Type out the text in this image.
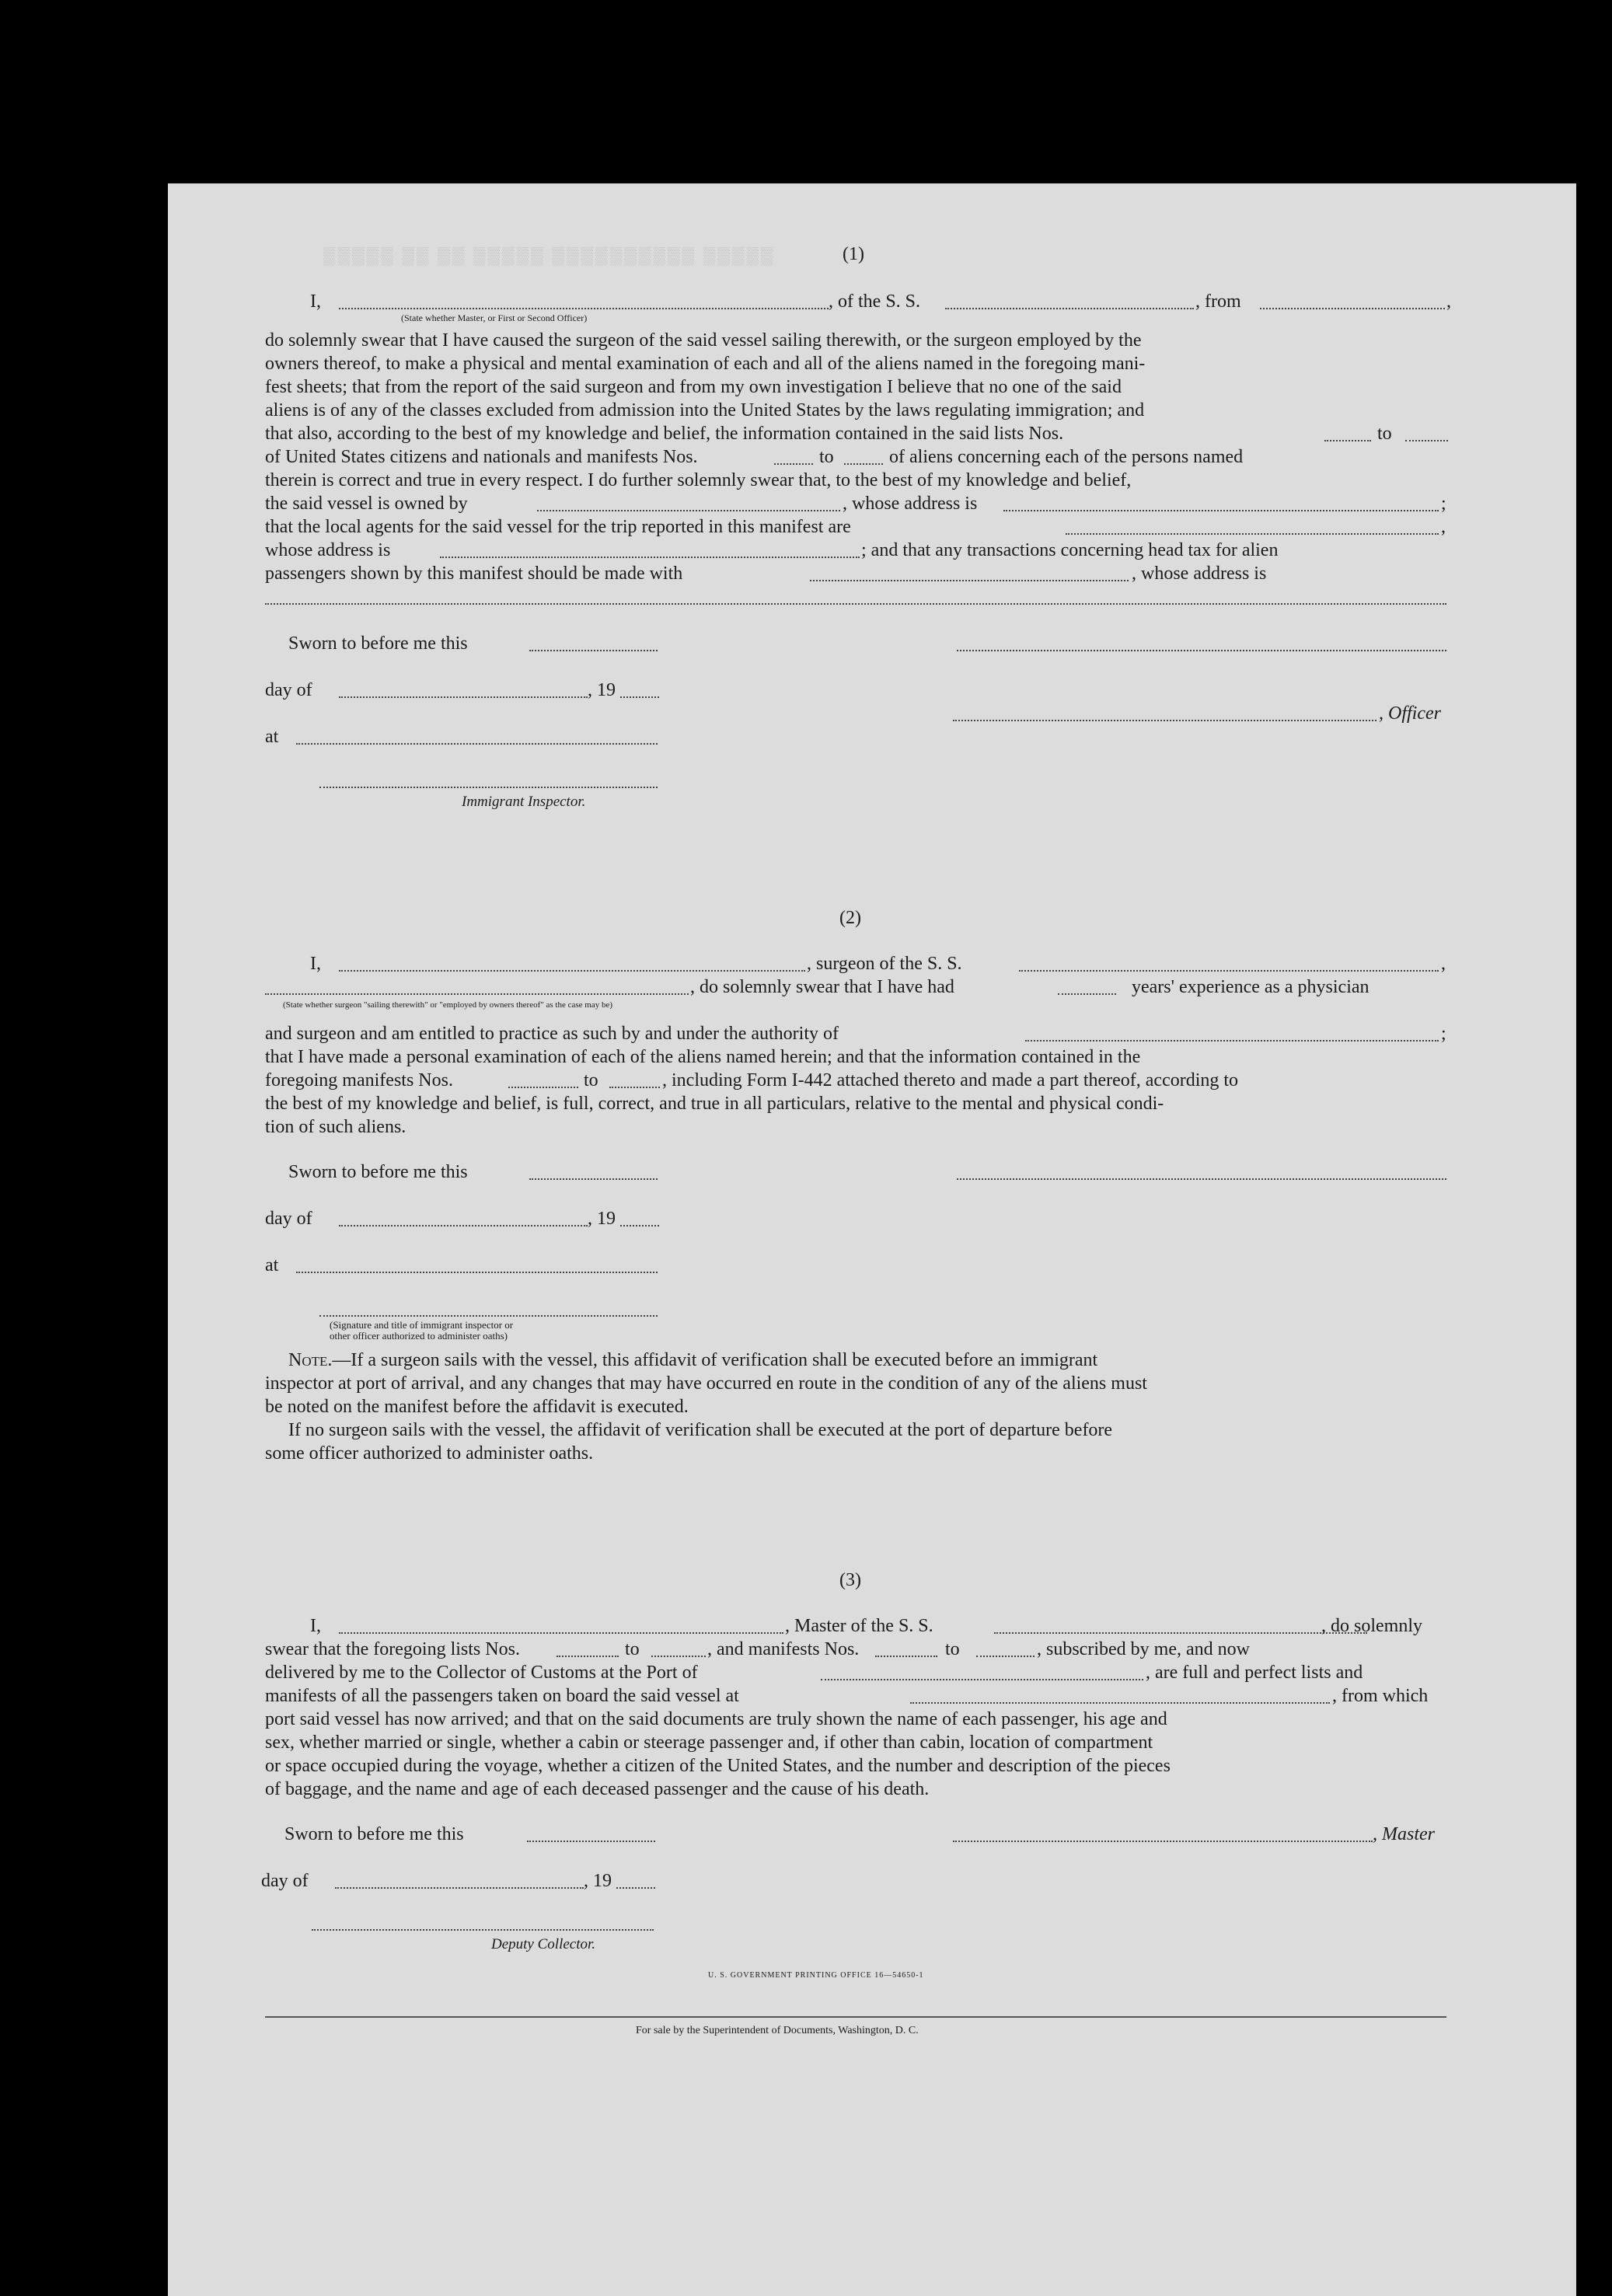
▒▒▒▒▒ ▒▒ ▒▒ ▒▒▒▒▒ ▒▒▒▒▒▒▒▒▒▒ ▒▒▒▒▒	(1)
I,
(State whether Master, or First or Second Officer)
, of the S. S.	, from	,
do solemnly swear that I have caused the surgeon of the said vessel sailing therewith, or the surgeon employed by the
owners thereof, to make a physical and mental examination of each and all of the aliens named in the foregoing mani-
fest sheets; that from the report of the said surgeon and from my own investigation I believe that no one of the said
aliens is of any of the classes excluded from admission into the United States by the laws regulating immigration; and
that also, according to the best of my knowledge and belief, the information contained in the said lists Nos.	to
of United States citizens and nationals and manifests Nos.	to	of aliens concerning each of the persons named
therein is correct and true in every respect. I do further solemnly swear that, to the best of my knowledge and belief,
the said vessel is owned by	, whose address is	;
that the local agents for the said vessel for the trip reported in this manifest are	,
whose address is	; and that any transactions concerning head tax for alien
passengers shown by this manifest should be made with	, whose address is
Sworn to before me this
day of	, 19
at
, Officer
Immigrant Inspector.
(2)
I,	, surgeon of the S. S.	,
, do solemnly swear that I have had	years' experience as a physician
(State whether surgeon "sailing therewith" or "employed by owners thereof" as the case may be)
and surgeon and am entitled to practice as such by and under the authority of	;
that I have made a personal examination of each of the aliens named herein; and that the information contained in the
foregoing manifests Nos.	to	, including Form I-442 attached thereto and made a part thereof, according to
the best of my knowledge and belief, is full, correct, and true in all particulars, relative to the mental and physical condi-
tion of such aliens.
Sworn to before me this
day of	, 19
at
(Signature and title of immigrant inspector or
other officer authorized to administer oaths)
Note.—If a surgeon sails with the vessel, this affidavit of verification shall be executed before an immigrant
inspector at port of arrival, and any changes that may have occurred en route in the condition of any of the aliens must
be noted on the manifest before the affidavit is executed.
If no surgeon sails with the vessel, the affidavit of verification shall be executed at the port of departure before
some officer authorized to administer oaths.
(3)
I,	, Master of the S. S.	, do solemnly
swear that the foregoing lists Nos.	to	, and manifests Nos.	to	, subscribed by me, and now
delivered by me to the Collector of Customs at the Port of	, are full and perfect lists and
manifests of all the passengers taken on board the said vessel at	, from which
port said vessel has now arrived; and that on the said documents are truly shown the name of each passenger, his age and
sex, whether married or single, whether a cabin or steerage passenger and, if other than cabin, location of compartment
or space occupied during the voyage, whether a citizen of the United States, and the number and description of the pieces
of baggage, and the name and age of each deceased passenger and the cause of his death.
Sworn to before me this	, Master
day of	, 19
Deputy Collector.
U. S. GOVERNMENT PRINTING OFFICE 16—54650-1
For sale by the Superintendent of Documents, Washington, D. C.
